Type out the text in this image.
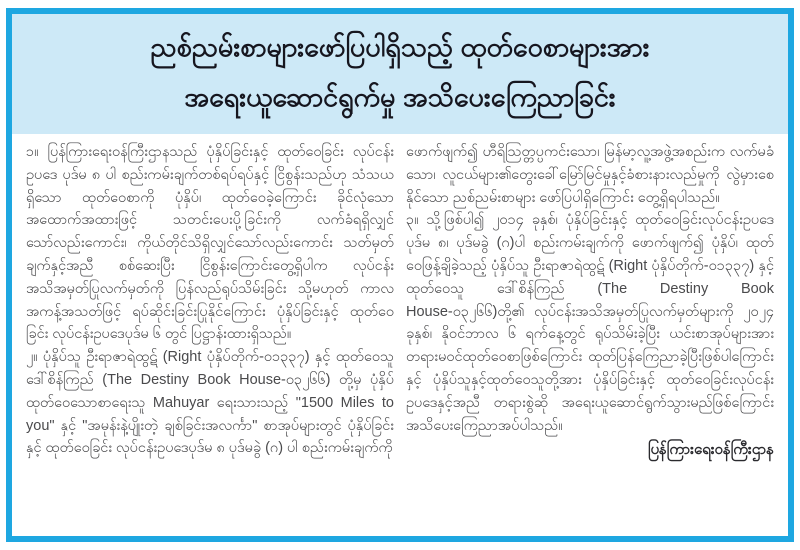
ညစ်ညမ်းစာများဖော်ပြပါရှိသည့် ထုတ်ဝေစာများအား
အရေးယူဆောင်ရွက်မှု အသိပေးကြေညာခြင်း

၁။ ပြန်ကြားရေးဝန်ကြီးဌာနသည် ပုံနှိပ်ခြင်းနှင့် ထုတ်ဝေခြင်း လုပ်ငန်းဥပဒေ ပုဒ်မ ၈ ပါ စည်းကမ်းချက်တစ်ရပ်ရပ်နှင့် ငြိစွန်းသည်ဟု သံသယရှိသော ထုတ်ဝေစာကို ပုံနှိပ်၊ ထုတ်ဝေခဲ့ကြောင်း ခိုင်လုံသောအထောက်အထားဖြင့် သတင်းပေးပို့ခြင်းကို လက်ခံရရှိလျှင်သော်လည်းကောင်း၊ ကိုယ်တိုင်သိရှိလျှင်သော်လည်းကောင်း သတ်မှတ်ချက်နှင့်အညီ စစ်ဆေးပြီး ငြိစွန်းကြောင်းတွေ့ရှိပါက လုပ်ငန်းအသိအမှတ်ပြုလက်မှတ်ကို ပြန်လည်ရုပ်သိမ်းခြင်း သို့မဟုတ် ကာလအကန့်အသတ်ဖြင့် ရပ်ဆိုင်းခြင်းပြုနိုင်ကြောင်း ပုံနှိပ်ခြင်းနှင့် ထုတ်ဝေခြင်း လုပ်ငန်းဥပဒေပုဒ်မ ၆ တွင် ပြဋ္ဌာန်းထားရှိသည်။

၂။ ပုံနှိပ်သူ ဦးရာဇာရဲထွဋ် (Right ပုံနှိပ်တိုက်-၀၁၃၃၇) နှင့် ထုတ်ဝေသူ ဒေါ်စိန်ကြည် (The Destiny Book House-၀၃၂၆၆) တို့မှ ပုံနှိပ်ထုတ်ဝေသောစာရေးသူ Mahuyar ရေးသားသည့် "1500 Miles to you" နှင့် "အမုန်းနဲ့ပျိုးတဲ့ ချစ်ခြင်းအလင်္ကာ" စာအုပ်များတွင် ပုံနှိပ်ခြင်းနှင့် ထုတ်ဝေခြင်း လုပ်ငန်းဥပဒေပုဒ်မ ၈ ပုဒ်မခွဲ (ဂ) ပါ စည်းကမ်းချက်ကို

ဖောက်ဖျက်၍ ဟီရိသြတ္တပ္ပကင်းသော၊ မြန်မာ့လူ့အဖွဲ့အစည်းက လက်မခံသော၊ လူငယ်များ၏တွေးခေါ်မြော်မြင်မှုနှင့်ခံစားနားလည်မှုကို လွဲမှားစေနိုင်သော ညစ်ညမ်းစာများ ဖော်ပြပါရှိကြောင်း တွေ့ရှိရပါသည်။

၃။ သို့ဖြစ်ပါ၍ ၂၀၁၄ ခုနှစ်၊ ပုံနှိပ်ခြင်းနှင့် ထုတ်ဝေခြင်းလုပ်ငန်းဥပဒေပုဒ်မ ၈၊ ပုဒ်မခွဲ (ဂ)ပါ စည်းကမ်းချက်ကို ဖောက်ဖျက်၍ ပုံနှိပ်၊ ထုတ်ဝေဖြန့်ချိခဲ့သည့် ပုံနှိပ်သူ ဦးရာဇာရဲထွဋ် (Right ပုံနှိပ်တိုက်-၀၁၃၃၇) နှင့် ထုတ်ဝေသူ ဒေါ်စိန်ကြည် (The Destiny Book House-၀၃၂၆၆)တို့၏ လုပ်ငန်းအသိအမှတ်ပြုလက်မှတ်များကို ၂၀၂၄ ခုနှစ်၊ နိုဝင်ဘာလ ၆ ရက်နေ့တွင် ရုပ်သိမ်းခဲ့ပြီး ယင်းစာအုပ်များအား တရားမဝင်ထုတ်ဝေစာဖြစ်ကြောင်း ထုတ်ပြန်ကြေညာခဲ့ပြီးဖြစ်ပါကြောင်းနှင့် ပုံနှိပ်သူနှင့်ထုတ်ဝေသူတို့အား ပုံနှိပ်ခြင်းနှင့် ထုတ်ဝေခြင်းလုပ်ငန်းဥပဒေနှင့်အညီ တရားစွဲဆို အရေးယူဆောင်ရွက်သွားမည်ဖြစ်ကြောင်း အသိပေးကြေညာအပ်ပါသည်။

ပြန်ကြားရေးဝန်ကြီးဌာန
